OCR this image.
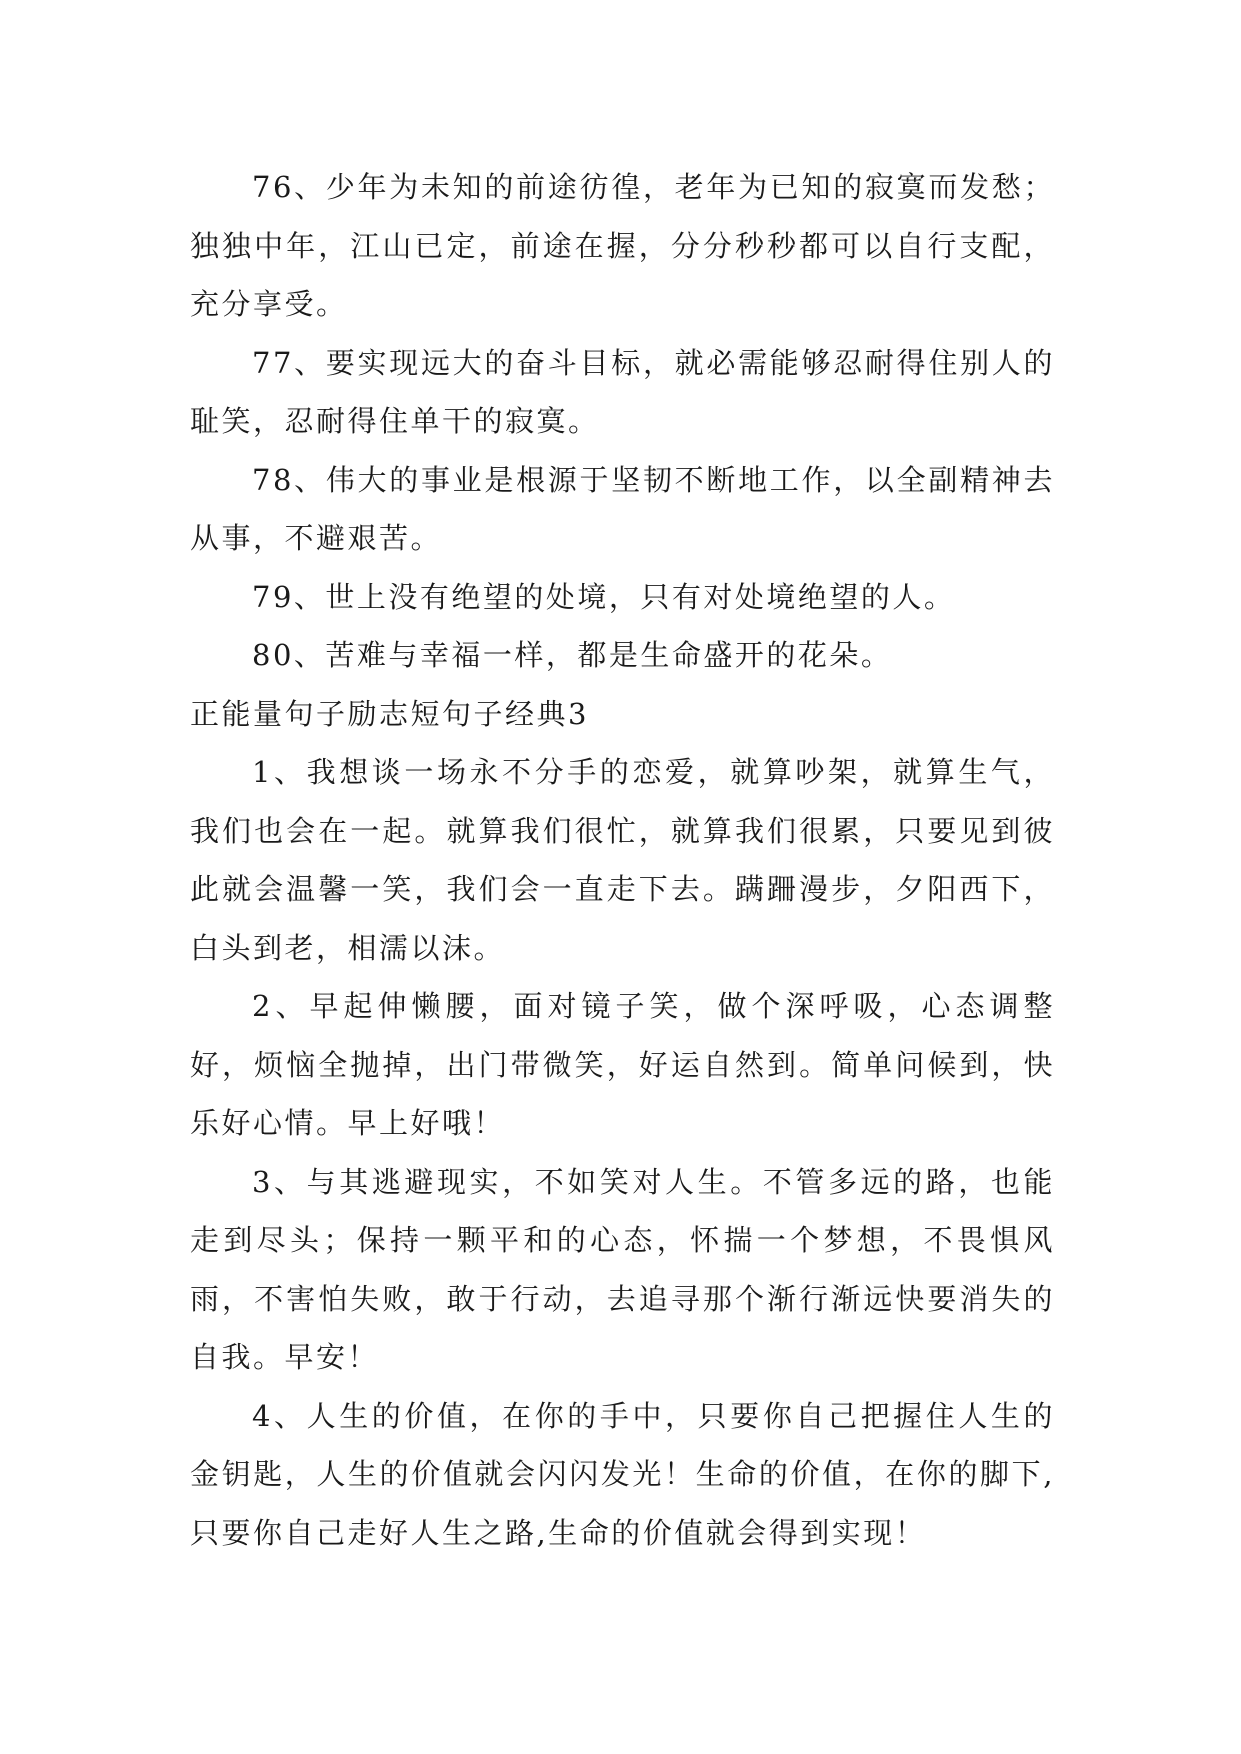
76、少年为未知的前途彷徨，老年为已知的寂寞而发愁；独独中年，江山已定，前途在握，分分秒秒都可以自行支配，充分享受。

77、要实现远大的奋斗目标，就必需能够忍耐得住别人的耻笑，忍耐得住单干的寂寞。

78、伟大的事业是根源于坚韧不断地工作，以全副精神去从事，不避艰苦。

79、世上没有绝望的处境，只有对处境绝望的人。

80、苦难与幸福一样，都是生命盛开的花朵。

正能量句子励志短句子经典3

1、我想谈一场永不分手的恋爱，就算吵架，就算生气，我们也会在一起。就算我们很忙，就算我们很累，只要见到彼此就会温馨一笑，我们会一直走下去。蹒跚漫步，夕阳西下，白头到老，相濡以沫。

2、早起伸懒腰，面对镜子笑，做个深呼吸，心态调整好，烦恼全抛掉，出门带微笑，好运自然到。简单问候到，快乐好心情。早上好哦！

3、与其逃避现实，不如笑对人生。不管多远的路，也能走到尽头；保持一颗平和的心态，怀揣一个梦想，不畏惧风雨，不害怕失败，敢于行动，去追寻那个渐行渐远快要消失的自我。早安！

4、人生的价值，在你的手中，只要你自己把握住人生的金钥匙，人生的价值就会闪闪发光！生命的价值，在你的脚下,只要你自己走好人生之路,生命的价值就会得到实现！
